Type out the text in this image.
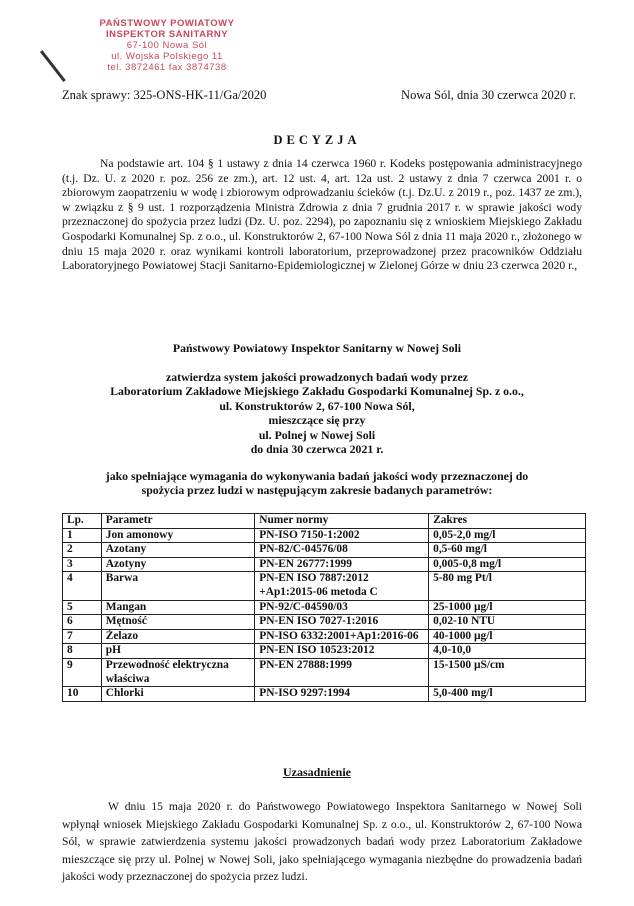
PAŃSTWOWY POWIATOWY
INSPEKTOR SANITARNY
67-100 Nowa Sól
ul. Wojska Polskiego 11
tel. 3872461 fax 3874738
Znak sprawy: 325-ONS-HK-11/Ga/2020	Nowa Sól, dnia 30 czerwca 2020 r.
DECYZJA
Na podstawie art. 104 § 1 ustawy z dnia 14 czerwca 1960 r. Kodeks postępowania administracyjnego (t.j. Dz. U. z 2020 r. poz. 256 ze zm.), art. 12 ust. 4, art. 12a ust. 2 ustawy z dnia 7 czerwca 2001 r. o zbiorowym zaopatrzeniu w wodę i zbiorowym odprowadzaniu ścieków (t.j. Dz.U. z 2019 r., poz. 1437 ze zm.), w związku z § 9 ust. 1 rozporządzenia Ministra Zdrowia z dnia 7 grudnia 2017 r. w sprawie jakości wody przeznaczonej do spożycia przez ludzi (Dz. U. poz. 2294), po zapoznaniu się z wnioskiem Miejskiego Zakładu Gospodarki Komunalnej Sp. z o.o., ul. Konstruktorów 2, 67-100 Nowa Sól z dnia 11 maja 2020 r., złożonego w dniu 15 maja 2020 r. oraz wynikami kontroli laboratorium, przeprowadzonej przez pracowników Oddziału Laboratoryjnego Powiatowej Stacji Sanitarno-Epidemiologicznej w Zielonej Górze w dniu 23 czerwca 2020 r.,
Państwowy Powiatowy Inspektor Sanitarny w Nowej Soli
zatwierdza system jakości prowadzonych badań wody przez
Laboratorium Zakładowe Miejskiego Zakładu Gospodarki Komunalnej Sp. z o.o.,
ul. Konstruktorów 2, 67-100 Nowa Sól,
mieszczące się przy
ul. Polnej w Nowej Soli
do dnia 30 czerwca 2021 r.
jako spełniające wymagania do wykonywania badań jakości wody przeznaczonej do
spożycia przez ludzi w następującym zakresie badanych parametrów:
Lp.	Parametr	Numer normy	Zakres
1	Jon amonowy	PN-ISO 7150-1:2002	0,05-2,0 mg/l
2	Azotany	PN-82/C-04576/08	0,5-60 mg/l
3	Azotyny	PN-EN 26777:1999	0,005-0,8 mg/l
4	Barwa	PN-EN ISO 7887:2012 +Ap1:2015-06 metoda C	5-80 mg Pt/l
5	Mangan	PN-92/C-04590/03	25-1000 µg/l
6	Mętność	PN-EN ISO 7027-1:2016	0,02-10 NTU
7	Żelazo	PN-ISO 6332:2001+Ap1:2016-06	40-1000 µg/l
8	pH	PN-EN ISO 10523:2012	4,0-10,0
9	Przewodność elektryczna właściwa	PN-EN 27888:1999	15-1500 µS/cm
10	Chlorki	PN-ISO 9297:1994	5,0-400 mg/l
Uzasadnienie
W dniu 15 maja 2020 r. do Państwowego Powiatowego Inspektora Sanitarnego w Nowej Soli wpłynął wniosek Miejskiego Zakładu Gospodarki Komunalnej Sp. z o.o., ul. Konstruktorów 2, 67-100 Nowa Sól, w sprawie zatwierdzenia systemu jakości prowadzonych badań wody przez Laboratorium Zakładowe mieszczące się przy ul. Polnej w Nowej Soli, jako spełniającego wymagania niezbędne do prowadzenia badań jakości wody przeznaczonej do spożycia przez ludzi.
